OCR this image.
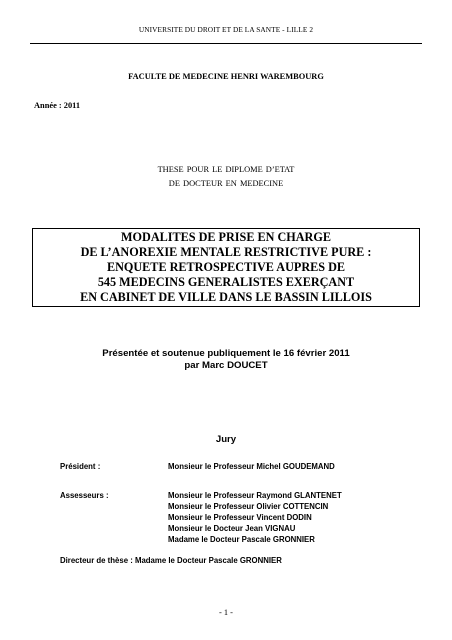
UNIVERSITE DU DROIT ET DE LA SANTE - LILLE 2
FACULTE DE MEDECINE HENRI WAREMBOURG
Année : 2011
THESE POUR LE DIPLOME D’ETAT
DE DOCTEUR EN MEDECINE
MODALITES DE PRISE EN CHARGE
DE L’ANOREXIE MENTALE RESTRICTIVE PURE :
ENQUETE RETROSPECTIVE AUPRES DE
545 MEDECINS GENERALISTES EXERÇANT
EN CABINET DE VILLE DANS LE BASSIN LILLOIS
Présentée et soutenue publiquement le 16 février 2011
par Marc DOUCET
Jury
Président :	Monsieur le Professeur Michel GOUDEMAND
Assesseurs :	Monsieur le Professeur Raymond GLANTENET
Monsieur le Professeur Olivier COTTENCIN
Monsieur le Professeur Vincent DODIN
Monsieur le Docteur Jean VIGNAU
Madame le Docteur Pascale GRONNIER
Directeur de thèse : Madame le Docteur Pascale GRONNIER
- 1 -
